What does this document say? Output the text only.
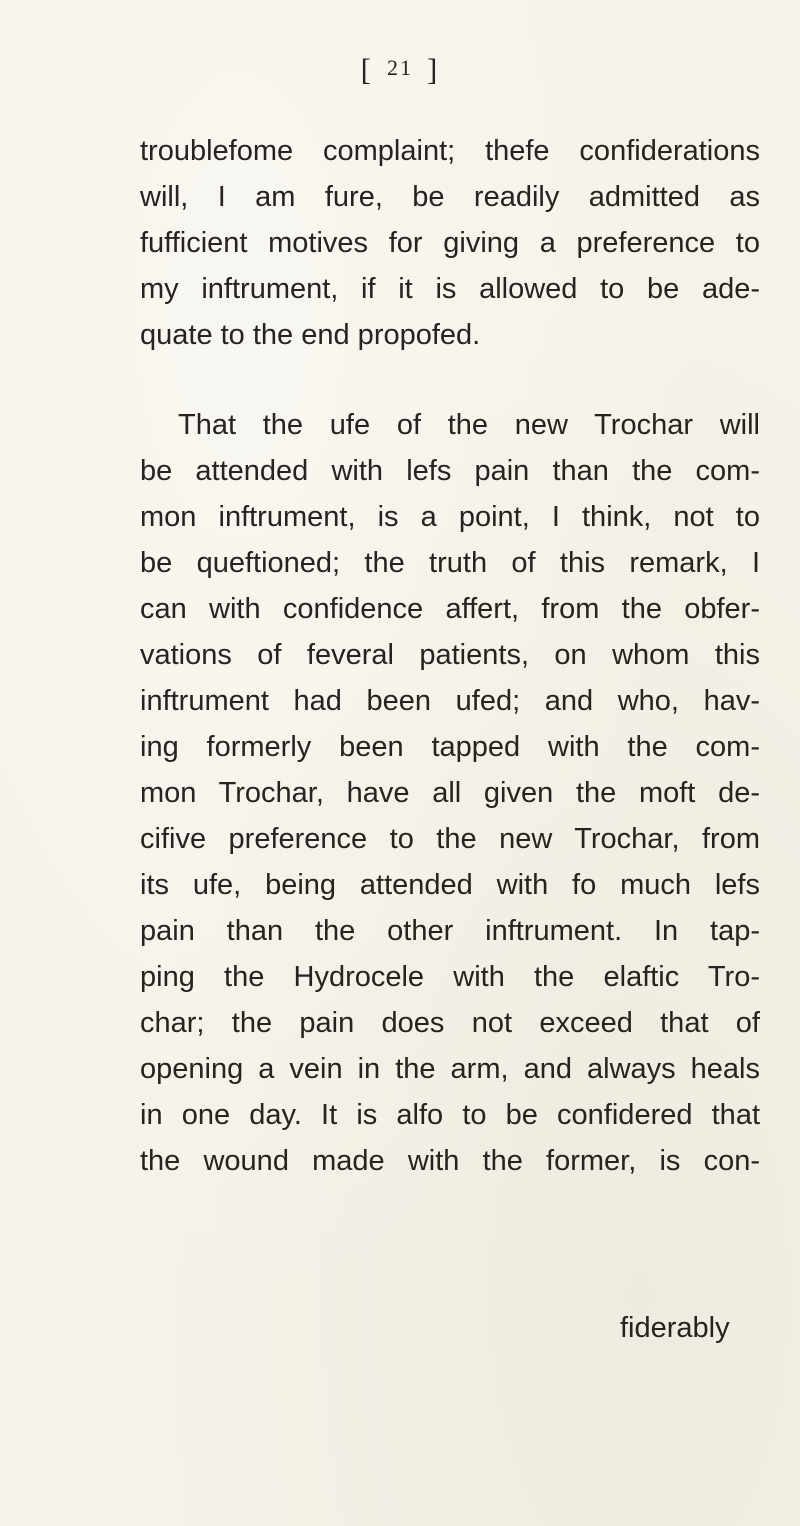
[ 21 ]
troublefome complaint; thefe confiderations
will, I am fure, be readily admitted as
fufficient motives for giving a preference to
my inftrument, if it is allowed to be ade-
quate to the end propofed.
That the ufe of the new Trochar will
be attended with lefs pain than the com-
mon inftrument, is a point, I think, not to
be queftioned; the truth of this remark, I
can with confidence affert, from the obfer-
vations of feveral patients, on whom this
inftrument had been ufed; and who, hav-
ing formerly been tapped with the com-
mon Trochar, have all given the moft de-
cifive preference to the new Trochar, from
its ufe, being attended with fo much lefs
pain than the other inftrument. In tap-
ping the Hydrocele with the elaftic Tro-
char; the pain does not exceed that of
opening a vein in the arm, and always heals
in one day. It is alfo to be confidered that
the wound made with the former, is con-
fiderably
